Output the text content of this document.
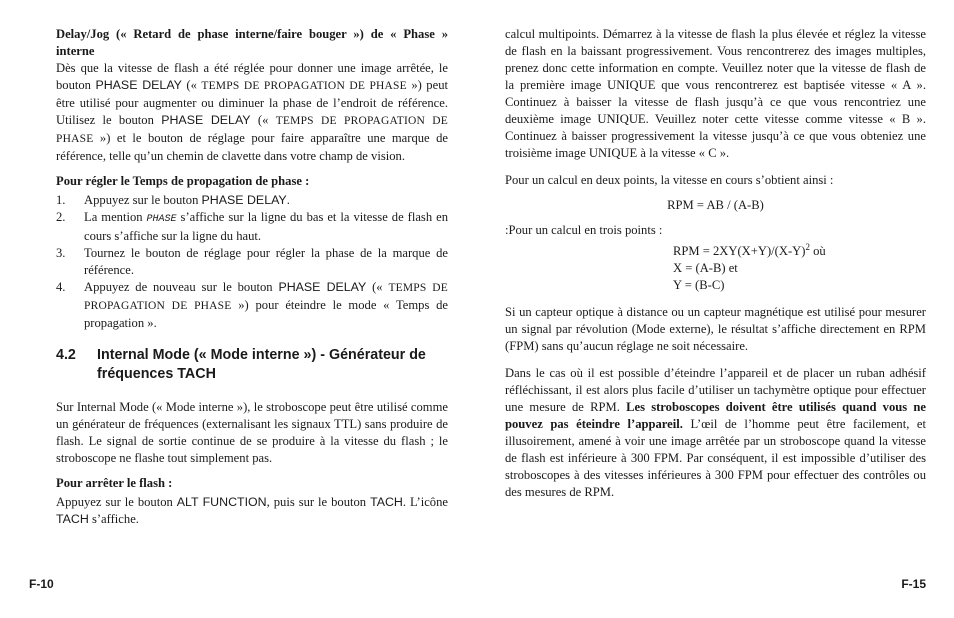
Delay/Jog (« Retard de phase interne/faire bouger ») de « Phase » interne

Dès que la vitesse de flash a été réglée pour donner une image arrêtée, le bouton PHASE DELAY (« TEMPS DE PROPAGATION DE PHASE ») peut être utilisé pour augmenter ou diminuer la phase de l’endroit de référence. Utilisez le bouton PHASE DELAY (« TEMPS DE PROPAGATION DE PHASE ») et le bouton de réglage pour faire apparaître une marque de référence, telle qu’un chemin de clavette dans votre champ de vision.

Pour régler le Temps de propagation de phase :

1. Appuyez sur le bouton PHASE DELAY.
2. La mention PHASE s’affiche sur la ligne du bas et la vitesse de flash en cours s’affiche sur la ligne du haut.
3. Tournez le bouton de réglage pour régler la phase de la marque de référence.
4. Appuyez de nouveau sur le bouton PHASE DELAY (« TEMPS DE PROPAGATION DE PHASE ») pour éteindre le mode « Temps de propagation ».
4.2 Internal Mode (« Mode interne ») - Générateur de fréquences TACH

Sur Internal Mode (« Mode interne »), le stroboscope peut être utilisé comme un générateur de fréquences (externalisant les signaux TTL) sans produire de flash. Le signal de sortie continue de se produire à la vitesse du flash ; le stroboscope ne flashe tout simplement pas.

Pour arrêter le flash :

Appuyez sur le bouton ALT FUNCTION, puis sur le bouton TACH. L’icône TACH s’affiche.

calcul multipoints. Démarrez à la vitesse de flash la plus élevée et réglez la vitesse de flash en la baissant progressivement. Vous rencontrerez des images multiples, prenez donc cette information en compte. Veuillez noter que la vitesse de flash de la première image UNIQUE que vous rencontrerez est baptisée vitesse « A ». Continuez à baisser la vitesse de flash jusqu’à ce que vous rencontriez une deuxième image UNIQUE. Veuillez noter cette vitesse comme vitesse « B ». Continuez à baisser progressivement la vitesse jusqu’à ce que vous obteniez une troisième image UNIQUE à la vitesse « C ».

Pour un calcul en deux points, la vitesse en cours s’obtient ainsi :

RPM = AB / (A-B)

:Pour un calcul en trois points :

RPM = $2XY(X+Y)/(X-Y)^2$ où
X = (A-B) et
Y = (B-C)

Si un capteur optique à distance ou un capteur magnétique est utilisé pour mesurer un signal par révolution (Mode externe), le résultat s’affiche directement en RPM (FPM) sans qu’aucun réglage ne soit nécessaire.

Dans le cas où il est possible d’éteindre l’appareil et de placer un ruban adhésif réfléchissant, il est alors plus facile d’utiliser un tachymètre optique pour effectuer une mesure de RPM. Les stroboscopes doivent être utilisés quand vous ne pouvez pas éteindre l’appareil. L’œil de l’homme peut être facilement, et illusoirement, amené à voir une image arrêtée par un stroboscope quand la vitesse de flash est inférieure à 300 FPM. Par conséquent, il est impossible d’utiliser des stroboscopes à des vitesses inférieures à 300 FPM pour effectuer des contrôles ou des mesures de RPM.

F-10	F-15
